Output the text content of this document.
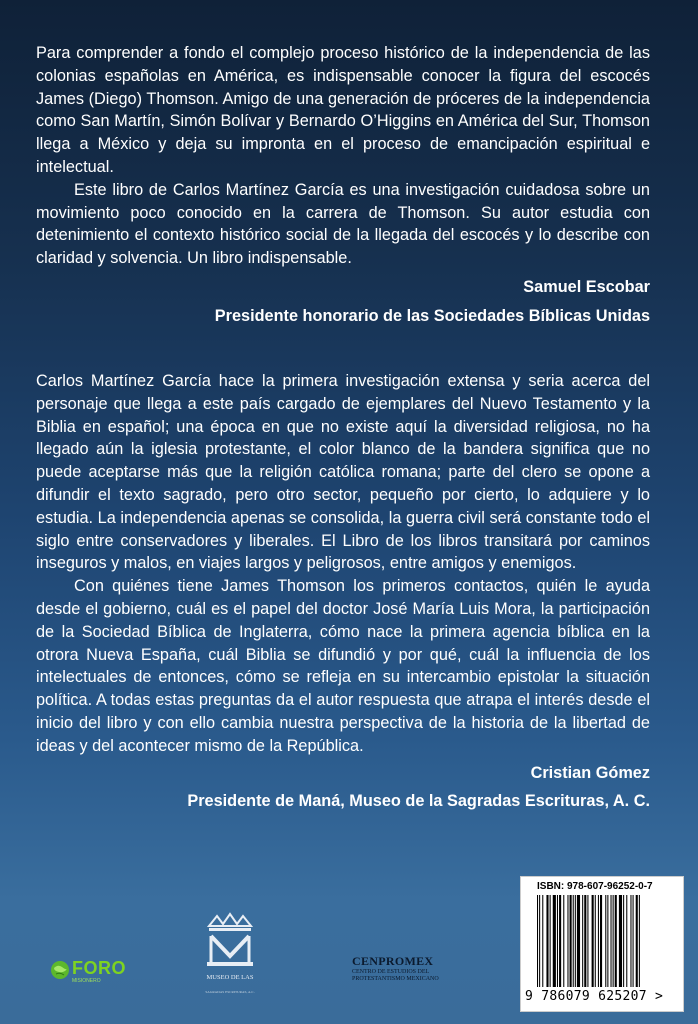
Para comprender a fondo el complejo proceso histórico de la independencia de las colonias españolas en América, es indispensable conocer la figura del escocés James (Diego) Thomson. Amigo de una generación de próceres de la independencia como San Martín, Simón Bolívar y Bernardo O’Higgins en América del Sur, Thomson llega a México y deja su impronta en el proceso de emancipación espiritual e intelectual.

Este libro de Carlos Martínez García es una investigación cuidadosa sobre un movimiento poco conocido en la carrera de Thomson. Su autor estudia con detenimiento el contexto histórico social de la llegada del escocés y lo describe con claridad y solvencia. Un libro indispensable.

Samuel Escobar

Presidente honorario de las Sociedades Bíblicas Unidas

Carlos Martínez García hace la primera investigación extensa y seria acerca del personaje que llega a este país cargado de ejemplares del Nuevo Testamento y la Biblia en español; una época en que no existe aquí la diversidad religiosa, no ha llegado aún la iglesia protestante, el color blanco de la bandera significa que no puede aceptarse más que la religión católica romana; parte del clero se opone a difundir el texto sagrado, pero otro sector, pequeño por cierto, lo adquiere y lo estudia. La independencia apenas se consolida, la guerra civil será constante todo el siglo entre conservadores y liberales. El Libro de los libros transitará por caminos inseguros y malos, en viajes largos y peligrosos, entre amigos y enemigos.

Con quiénes tiene James Thomson los primeros contactos, quién le ayuda desde el gobierno, cuál es el papel del doctor José María Luis Mora, la participación de la Sociedad Bíblica de Inglaterra, cómo nace la primera agencia bíblica en la otrora Nueva España, cuál Biblia se difundió y por qué, cuál la influencia de los intelectuales de entonces, cómo se refleja en su intercambio epistolar la situación política. A todas estas preguntas da el autor respuesta que atrapa el interés desde el inicio del libro y con ello cambia nuestra perspectiva de la historia de la libertad de ideas y del acontecer mismo de la República.

Cristian Gómez

Presidente de Maná, Museo de la Sagradas Escrituras, A. C.

ISBN: 978-607-96252-0-7
9 786079 625207 >
FORO
MISIONERO	MUSEO DE LAS
SAGRADAS ESCRITURAS, A.C.
CENPROMEX
CENTRO DE ESTUDIOS DEL
PROTESTANTISMO MEXICANO
